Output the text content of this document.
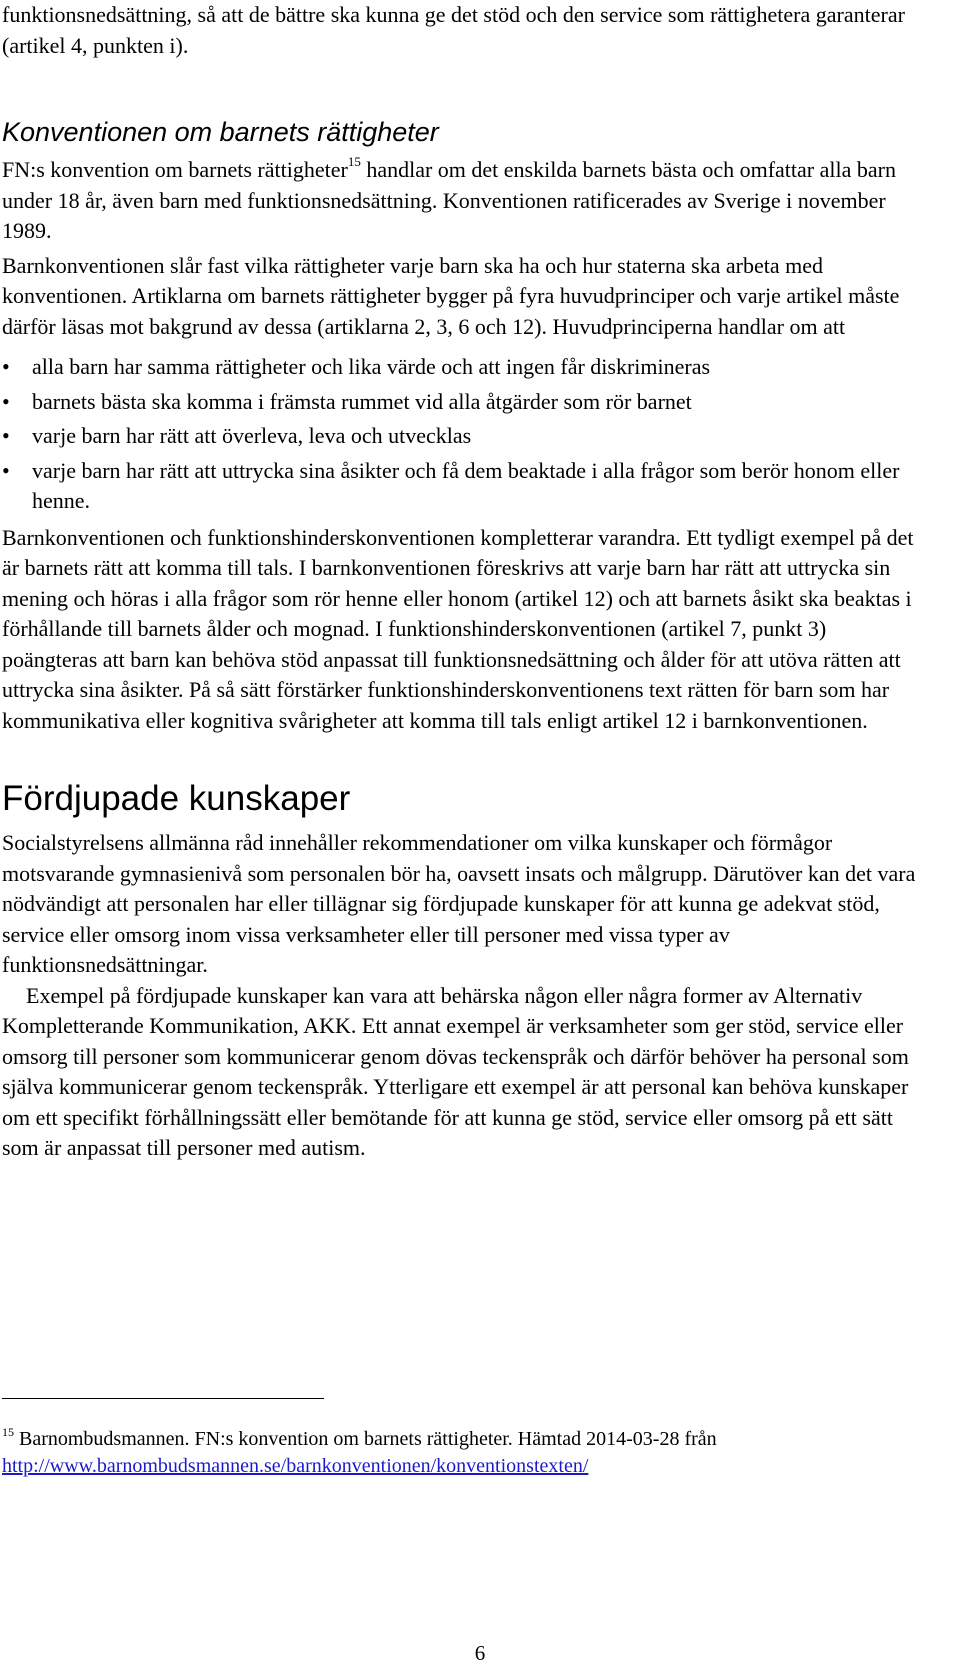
funktionsnedsättning, så att de bättre ska kunna ge det stöd och den service som rättighetera garanterar (artikel 4, punkten i).

Konventionen om barnets rättigheter

FN:s konvention om barnets rättigheter$^{15}$ handlar om det enskilda barnets bästa och omfattar alla barn under 18 år, även barn med funktionsnedsättning. Konventionen ratificerades av Sverige i november 1989.

Barnkonventionen slår fast vilka rättigheter varje barn ska ha och hur staterna ska arbeta med konventionen. Artiklarna om barnets rättigheter bygger på fyra huvudprinciper och varje artikel måste därför läsas mot bakgrund av dessa (artiklarna 2, 3, 6 och 12). Huvudprinciperna handlar om att

• alla barn har samma rättigheter och lika värde och att ingen får diskrimineras
• barnets bästa ska komma i främsta rummet vid alla åtgärder som rör barnet
• varje barn har rätt att överleva, leva och utvecklas
• varje barn har rätt att uttrycka sina åsikter och få dem beaktade i alla frågor som berör honom eller henne.

Barnkonventionen och funktionshinderskonventionen kompletterar varandra. Ett tydligt exempel på det är barnets rätt att komma till tals. I barnkonventionen föreskrivs att varje barn har rätt att uttrycka sin mening och höras i alla frågor som rör henne eller honom (artikel 12) och att barnets åsikt ska beaktas i förhållande till barnets ålder och mognad. I funktionshinderskonventionen (artikel 7, punkt 3) poängteras att barn kan behöva stöd anpassat till funktionsnedsättning och ålder för att utöva rätten att uttrycka sina åsikter. På så sätt förstärker funktionshinderskonventionens text rätten för barn som har kommunikativa eller kognitiva svårigheter att komma till tals enligt artikel 12 i barnkonventionen.

Fördjupade kunskaper

Socialstyrelsens allmänna råd innehåller rekommendationer om vilka kunskaper och förmågor motsvarande gymnasienivå som personalen bör ha, oavsett insats och målgrupp. Därutöver kan det vara nödvändigt att personalen har eller tillägnar sig fördjupade kunskaper för att kunna ge adekvat stöd, service eller omsorg inom vissa verksamheter eller till personer med vissa typer av funktionsnedsättningar.

Exempel på fördjupade kunskaper kan vara att behärska någon eller några former av Alternativ Kompletterande Kommunikation, AKK. Ett annat exempel är verksamheter som ger stöd, service eller omsorg till personer som kommunicerar genom dövas teckenspråk och därför behöver ha personal som själva kommunicerar genom teckenspråk. Ytterligare ett exempel är att personal kan behöva kunskaper om ett specifikt förhållningssätt eller bemötande för att kunna ge stöd, service eller omsorg på ett sätt som är anpassat till personer med autism.

$^{15}$ Barnombudsmannen. FN:s konvention om barnets rättigheter. Hämtad 2014-03-28 från http://www.barnombudsmannen.se/barnkonventionen/konventionstexten/
6
